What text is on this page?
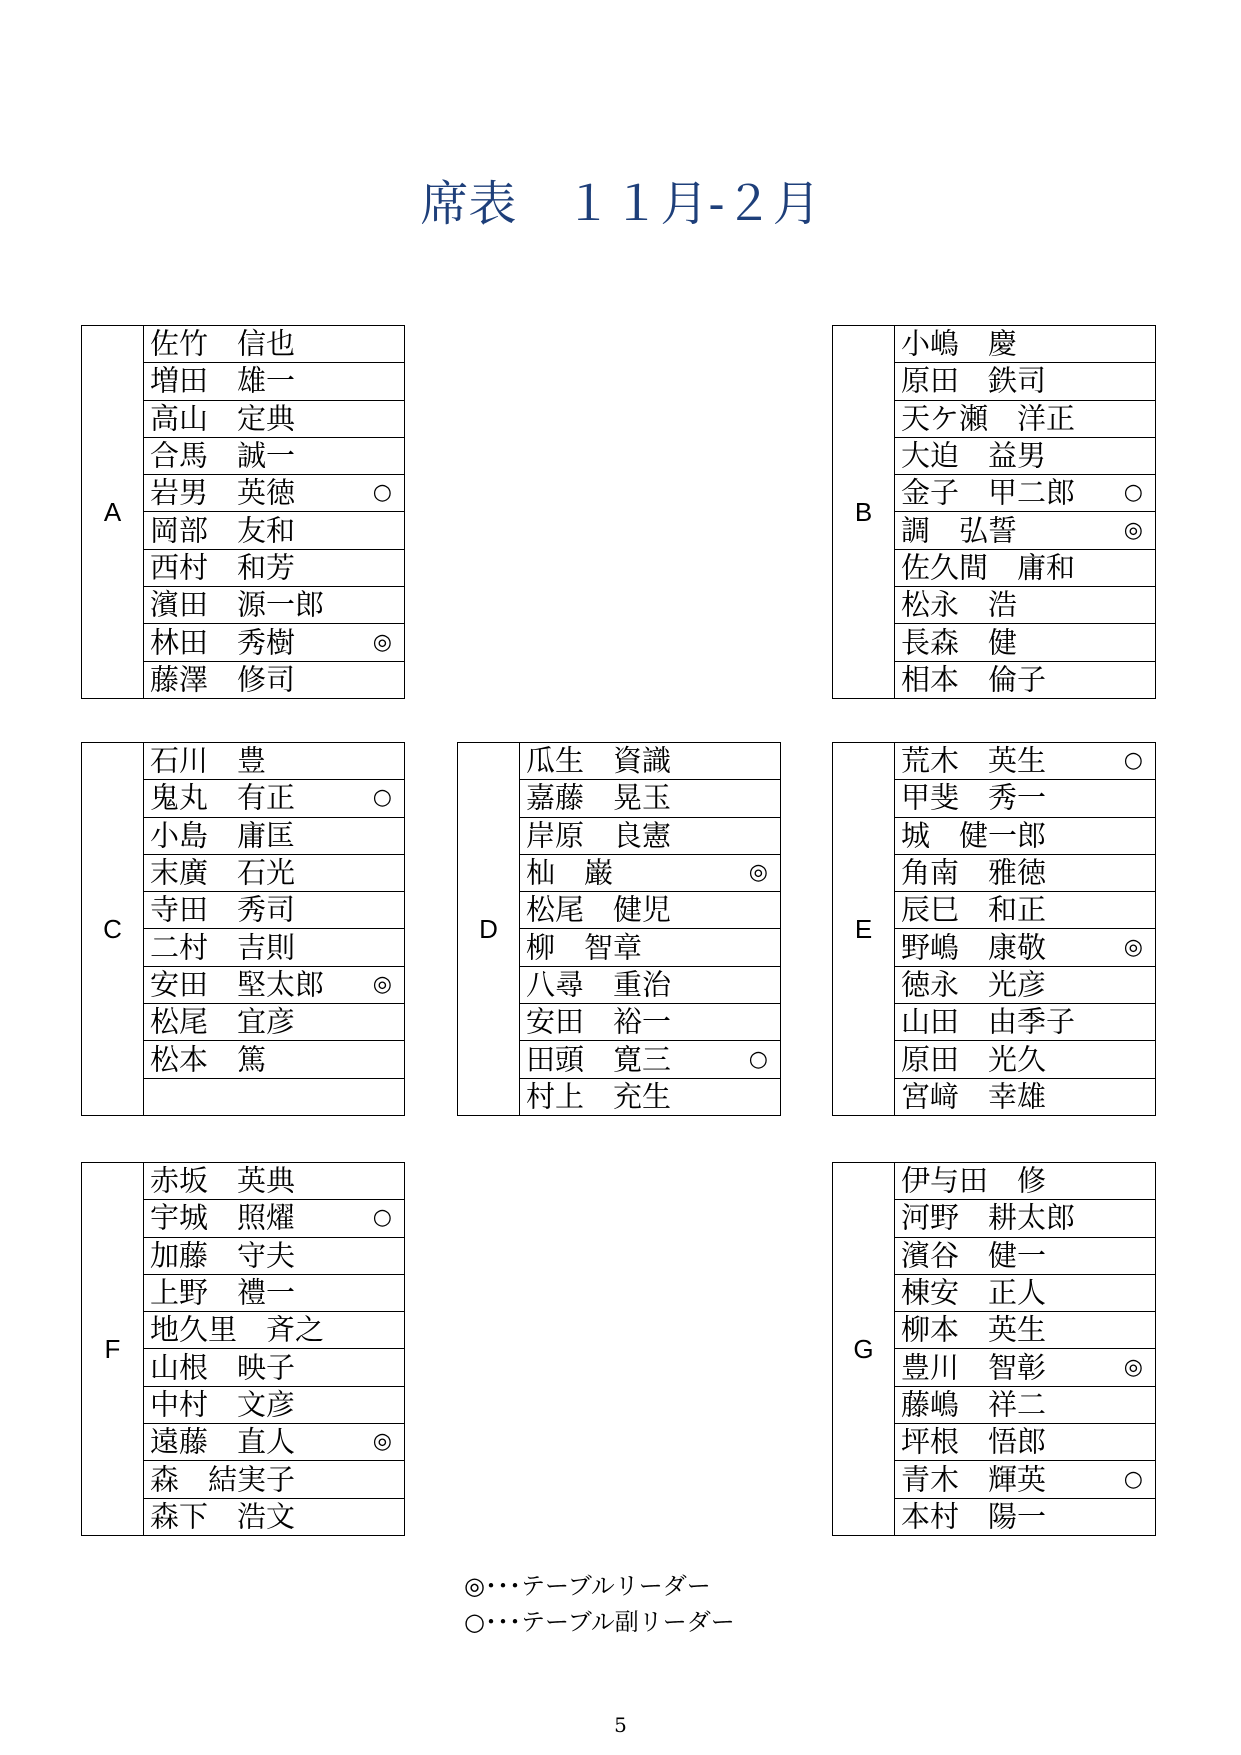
席表　１１月-２月
A
佐竹　信也
増田　雄一
高山　定典
合馬　誠一
岩男　英徳	○
岡部　友和
西村　和芳
濱田　源一郎
林田　秀樹	◎
藤澤　修司
B
小嶋　慶
原田　鉄司
天ケ瀬　洋正
大迫　益男
金子　甲二郎 ○
調　弘誓	◎
佐久間　庸和
松永　浩
長森　健
相本　倫子
C
石川　豊
鬼丸　有正	○
小島　庸匡
末廣　石光
寺田　秀司
二村　吉則
安田　堅太郎 ◎
松尾　宜彦
松本　篤
D
瓜生　資識
嘉藤　晃玉
岸原　良憲
杣　巌	◎
松尾　健児
柳　智章
八尋　重治
安田　裕一
田頭　寛三	○
村上　充生
E
荒木　英生	○
甲斐　秀一
城　健一郎
角南　雅徳
辰巳　和正
野嶋　康敬	◎
徳永　光彦
山田　由季子
原田　光久
宮﨑　幸雄
F
赤坂　英典
宇城　照燿	○
加藤　守夫
上野　禮一
地久里　斉之
山根　映子
中村　文彦
遠藤　直人	◎
森　結実子
森下　浩文
G
伊与田　修
河野　耕太郎
濱谷　健一
棟安　正人
柳本　英生
豊川　智彰	◎
藤嶋　祥二
坪根　悟郎
青木　輝英	○
本村　陽一
◎･･･テーブルリーダー
○･･･テーブル副リーダー
5
